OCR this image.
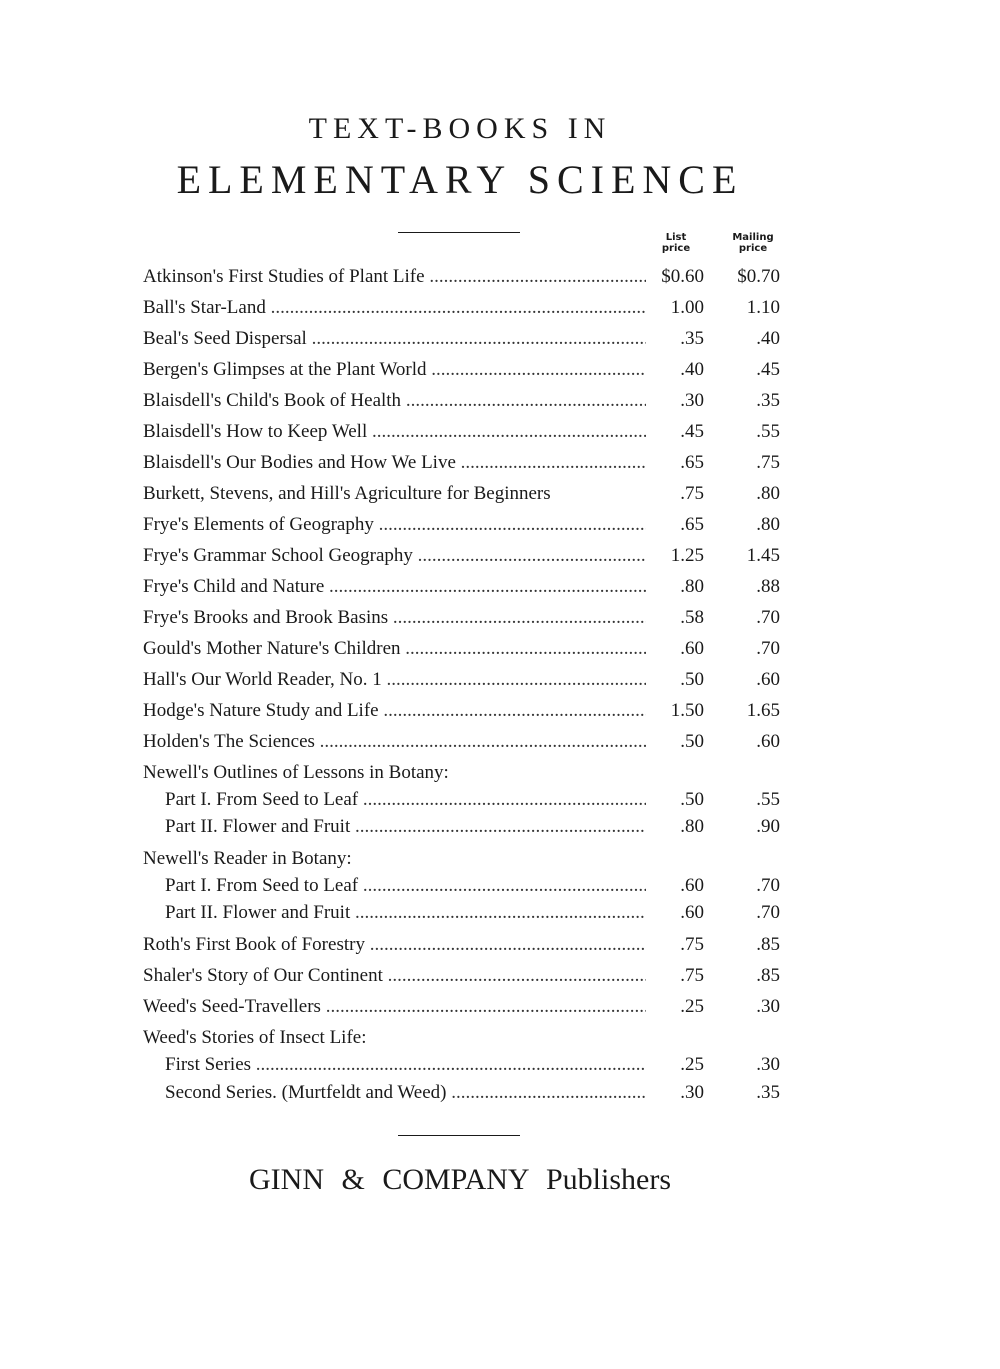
TEXT-BOOKS IN
ELEMENTARY SCIENCE
List price
Mailing price
Atkinson's First Studies of Plant Life .....	$0.60	$0.70
Ball's Star-Land .....	1.00	1.10
Beal's Seed Dispersal .....	.35	.40
Bergen's Glimpses at the Plant World .....	.40	.45
Blaisdell's Child's Book of Health .....	.30	.35
Blaisdell's How to Keep Well .....	.45	.55
Blaisdell's Our Bodies and How We Live .....	.65	.75
Burkett, Stevens, and Hill's Agriculture for Beginners	.75	.80
Frye's Elements of Geography .....	.65	.80
Frye's Grammar School Geography .....	1.25	1.45
Frye's Child and Nature .....	.80	.88
Frye's Brooks and Brook Basins .....	.58	.70
Gould's Mother Nature's Children .....	.60	.70
Hall's Our World Reader, No. 1 .....	.50	.60
Hodge's Nature Study and Life .....	1.50	1.65
Holden's The Sciences .....	.50	.60
Newell's Outlines of Lessons in Botany:
Part I. From Seed to Leaf .....	.50	.55
Part II. Flower and Fruit .....	.80	.90
Newell's Reader in Botany:
Part I. From Seed to Leaf .....	.60	.70
Part II. Flower and Fruit .....	.60	.70
Roth's First Book of Forestry .....	.75	.85
Shaler's Story of Our Continent .....	.75	.85
Weed's Seed-Travellers .....	.25	.30
Weed's Stories of Insect Life:
First Series .....	.25	.30
Second Series. (Murtfeldt and Weed) .....	.30	.35
GINN & COMPANY Publishers
